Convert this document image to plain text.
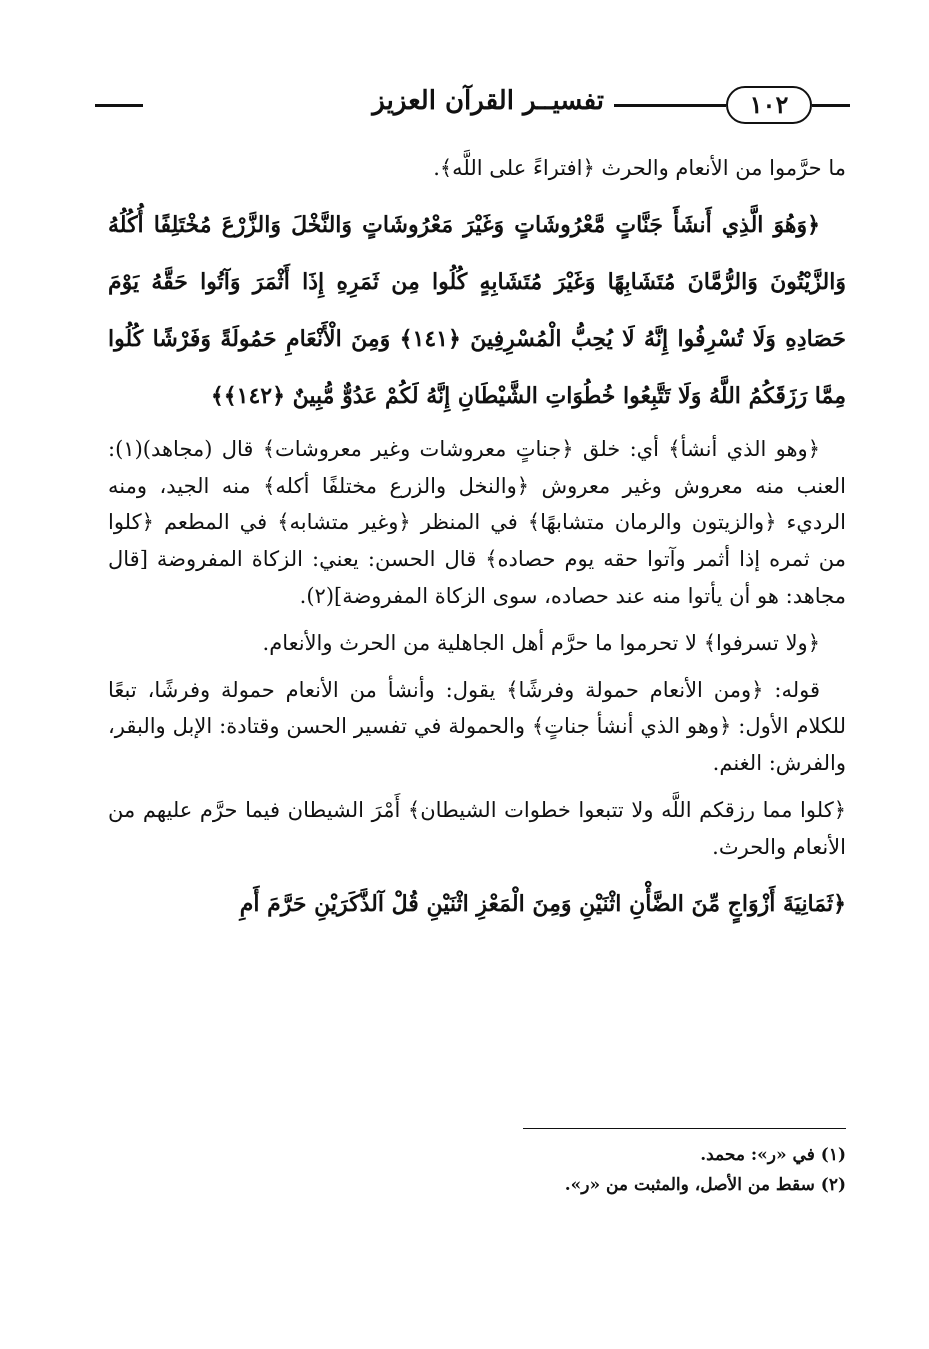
١٠٢
تفسيــر القرآن العزيز

ما حرَّموا من الأنعام والحرث ﴿افتراءً على اللَّه﴾.

﴿وَهُوَ الَّذِي أَنشَأَ جَنَّاتٍ مَّعْرُوشَاتٍ وَغَيْرَ مَعْرُوشَاتٍ وَالنَّخْلَ وَالزَّرْعَ مُخْتَلِفًا أُكُلُهُ وَالزَّيْتُونَ وَالرُّمَّانَ مُتَشَابِهًا وَغَيْرَ مُتَشَابِهٍ كُلُوا مِن ثَمَرِهِ إِذَا أَثْمَرَ وَآتُوا حَقَّهُ يَوْمَ حَصَادِهِ وَلَا تُسْرِفُوا إِنَّهُ لَا يُحِبُّ الْمُسْرِفِينَ ﴿١٤١﴾ وَمِنَ الْأَنْعَامِ حَمُولَةً وَفَرْشًا كُلُوا مِمَّا رَزَقَكُمُ اللَّهُ وَلَا تَتَّبِعُوا خُطُوَاتِ الشَّيْطَانِ إِنَّهُ لَكُمْ عَدُوٌّ مُّبِينٌ ﴿١٤٢﴾﴾

﴿وهو الذي أنشأ﴾ أي: خلق ﴿جناتٍ معروشات وغير معروشات﴾ قال (مجاهد)(١): العنب منه معروش وغير معروش ﴿والنخل والزرع مختلفًا أكله﴾ منه الجيد، ومنه الرديء ﴿والزيتون والرمان متشابهًا﴾ في المنظر ﴿وغير متشابه﴾ في المطعم ﴿كلوا من ثمره إذا أثمر وآتوا حقه يوم حصاده﴾ قال الحسن: يعني: الزكاة المفروضة [قال مجاهد: هو أن يأتوا منه عند حصاده، سوى الزكاة المفروضة](٢).

﴿ولا تسرفوا﴾ لا تحرموا ما حرَّم أهل الجاهلية من الحرث والأنعام.

قوله: ﴿ومن الأنعام حمولة وفرشًا﴾ يقول: وأنشأ من الأنعام حمولة وفرشًا، تبعًا للكلام الأول: ﴿وهو الذي أنشأ جناتٍ﴾ والحمولة في تفسير الحسن وقتادة: الإبل والبقر، والفرش: الغنم.

﴿كلوا مما رزقكم اللَّه ولا تتبعوا خطوات الشيطان﴾ أَمْرَ الشيطان فيما حرَّم عليهم من الأنعام والحرث.

﴿ثَمَانِيَةَ أَزْوَاجٍ مِّنَ الضَّأْنِ اثْنَيْنِ وَمِنَ الْمَعْزِ اثْنَيْنِ قُلْ آلذَّكَرَيْنِ حَرَّمَ أَمِ

(١) في «ر»: محمد.
(٢) سقط من الأصل، والمثبت من «ر».
